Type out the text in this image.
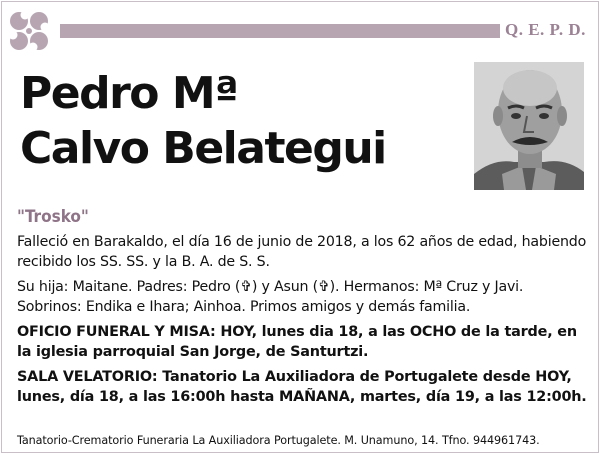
Q. E. P. D.
Pedro Mª
Calvo Belategui
"Trosko"

Falleció en Barakaldo, el día 16 de junio de 2018, a los 62 años de edad, habiendo recibido los SS. SS. y la B. A. de S. S.

Su hija: Maitane. Padres: Pedro (✞) y Asun (✞). Hermanos: Mª Cruz y Javi. Sobrinos: Endika e Ihara; Ainhoa. Primos amigos y demás familia.

OFICIO FUNERAL Y MISA: HOY, lunes dia 18, a las OCHO de la tarde, en la iglesia parroquial San Jorge, de Santurtzi.

SALA VELATORIO: Tanatorio La Auxiliadora de Portugalete desde HOY, lunes, día 18, a las 16:00h hasta MAÑANA, martes, día 19, a las 12:00h.

Tanatorio-Crematorio Funeraria La Auxiliadora Portugalete. M. Unamuno, 14. Tfno. 944961743.
